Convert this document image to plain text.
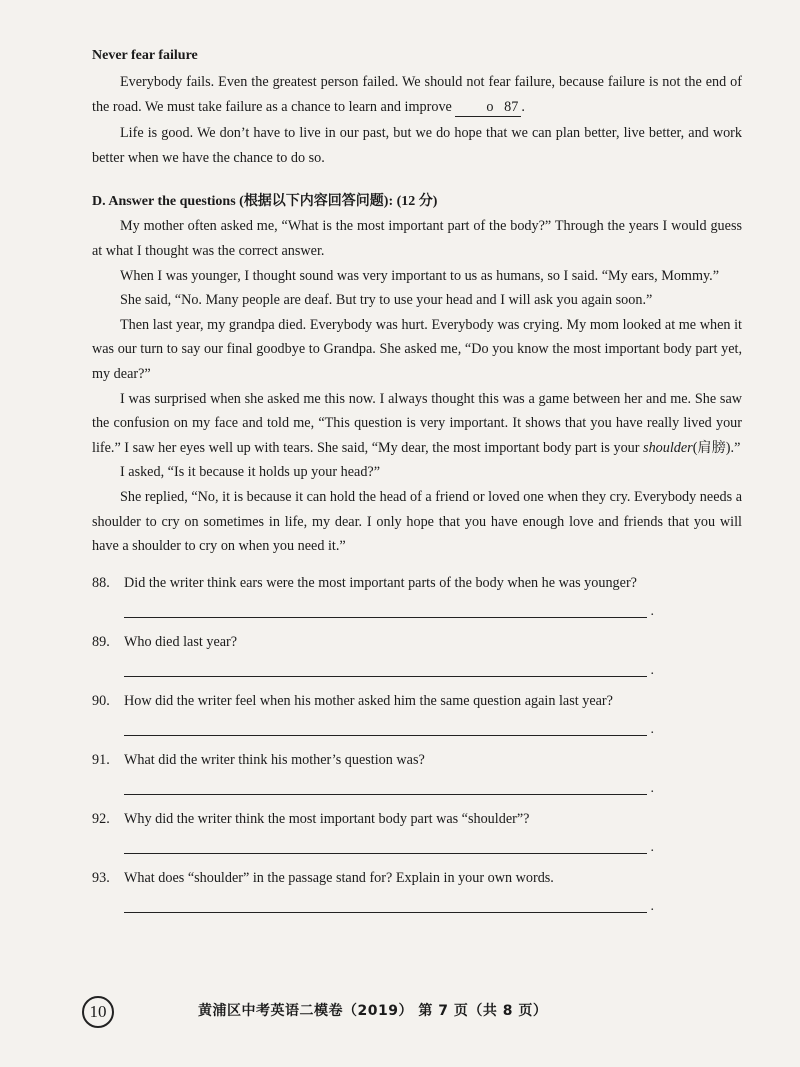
Never fear failure

Everybody fails. Even the greatest person failed. We should not fear failure, because failure is not the end of the road. We must take failure as a chance to learn and improve o 87 .

Life is good. We don’t have to live in our past, but we do hope that we can plan better, live better, and work better when we have the chance to do so.

D. Answer the questions (根据以下内容回答问题): (12 分)

My mother often asked me, “What is the most important part of the body?” Through the years I would guess at what I thought was the correct answer.

When I was younger, I thought sound was very important to us as humans, so I said. “My ears, Mommy.”

She said, “No. Many people are deaf. But try to use your head and I will ask you again soon.”

Then last year, my grandpa died. Everybody was hurt. Everybody was crying. My mom looked at me when it was our turn to say our final goodbye to Grandpa. She asked me, “Do you know the most important body part yet, my dear?”

I was surprised when she asked me this now. I always thought this was a game between her and me. She saw the confusion on my face and told me, “This question is very important. It shows that you have really lived your life.” I saw her eyes well up with tears. She said, “My dear, the most important body part is your shoulder(肩膀).”

I asked, “Is it because it holds up your head?”

She replied, “No, it is because it can hold the head of a friend or loved one when they cry. Everybody needs a shoulder to cry on sometimes in life, my dear. I only hope that you have enough love and friends that you will have a shoulder to cry on when you need it.”

88. Did the writer think ears were the most important parts of the body when he was younger?
.
89. Who died last year?
.
90. How did the writer feel when his mother asked him the same question again last year?
.
91. What did the writer think his mother’s question was?
.
92. Why did the writer think the most important body part was “shoulder”?
.
93. What does “shoulder” in the passage stand for? Explain in your own words.
.
10	黄浦区中考英语二模卷（2019） 第 7 页（共 8 页）
